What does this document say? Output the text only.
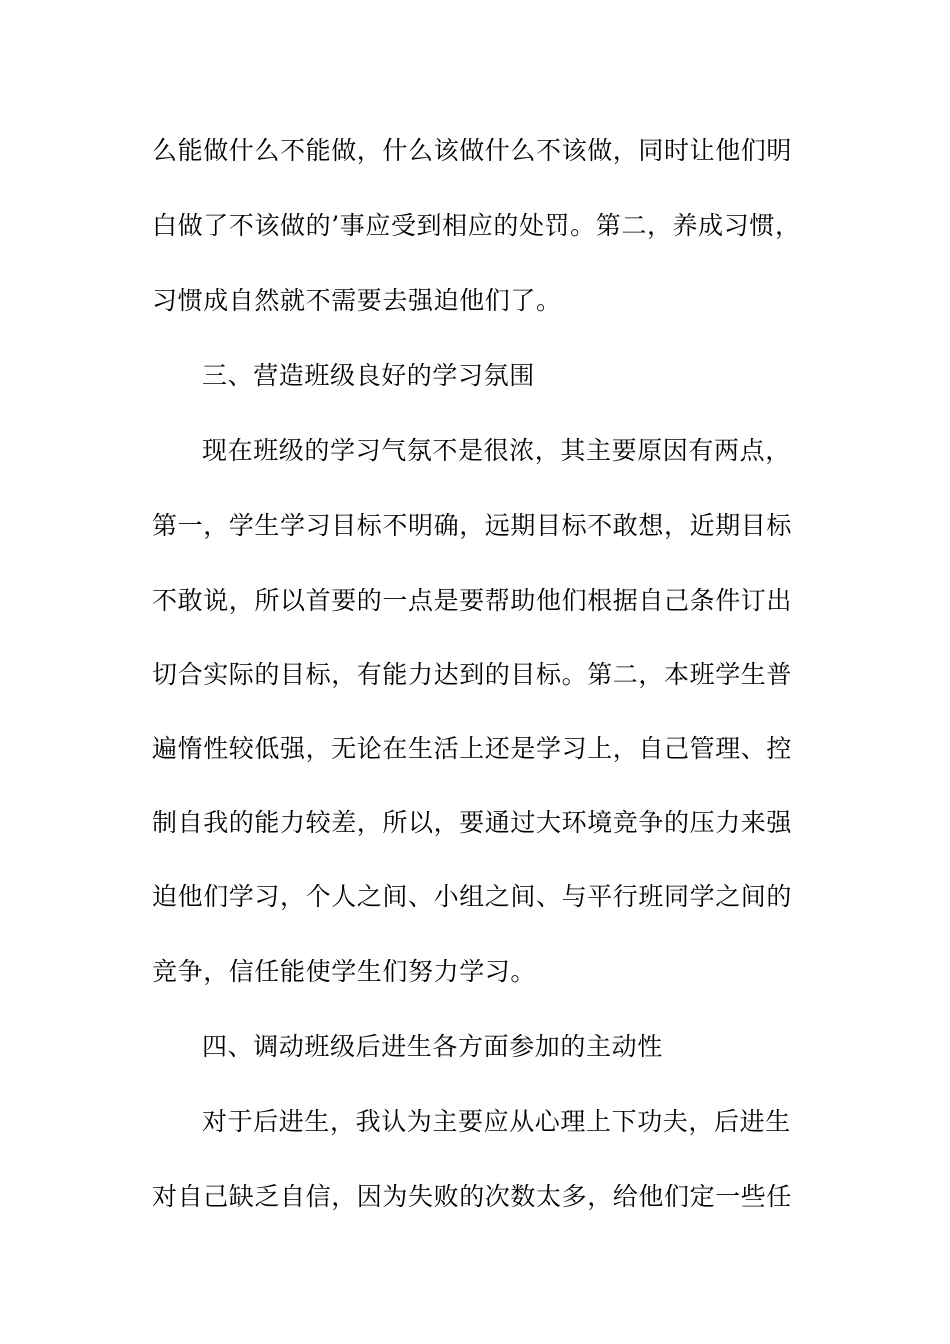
么能做什么不能做，什么该做什么不该做，同时让他们明
白做了不该做的’事应受到相应的处罚。第二，养成习惯，
习惯成自然就不需要去强迫他们了。
三、营造班级良好的学习氛围
现在班级的学习气氛不是很浓，其主要原因有两点，
第一，学生学习目标不明确，远期目标不敢想，近期目标
不敢说，所以首要的一点是要帮助他们根据自己条件订出
切合实际的目标，有能力达到的目标。第二，本班学生普
遍惰性较低强，无论在生活上还是学习上，自己管理、控
制自我的能力较差，所以，要通过大环境竞争的压力来强
迫他们学习，个人之间、小组之间、与平行班同学之间的
竞争，信任能使学生们努力学习。
四、调动班级后进生各方面参加的主动性
对于后进生，我认为主要应从心理上下功夫，后进生
对自己缺乏自信，因为失败的次数太多，给他们定一些任
